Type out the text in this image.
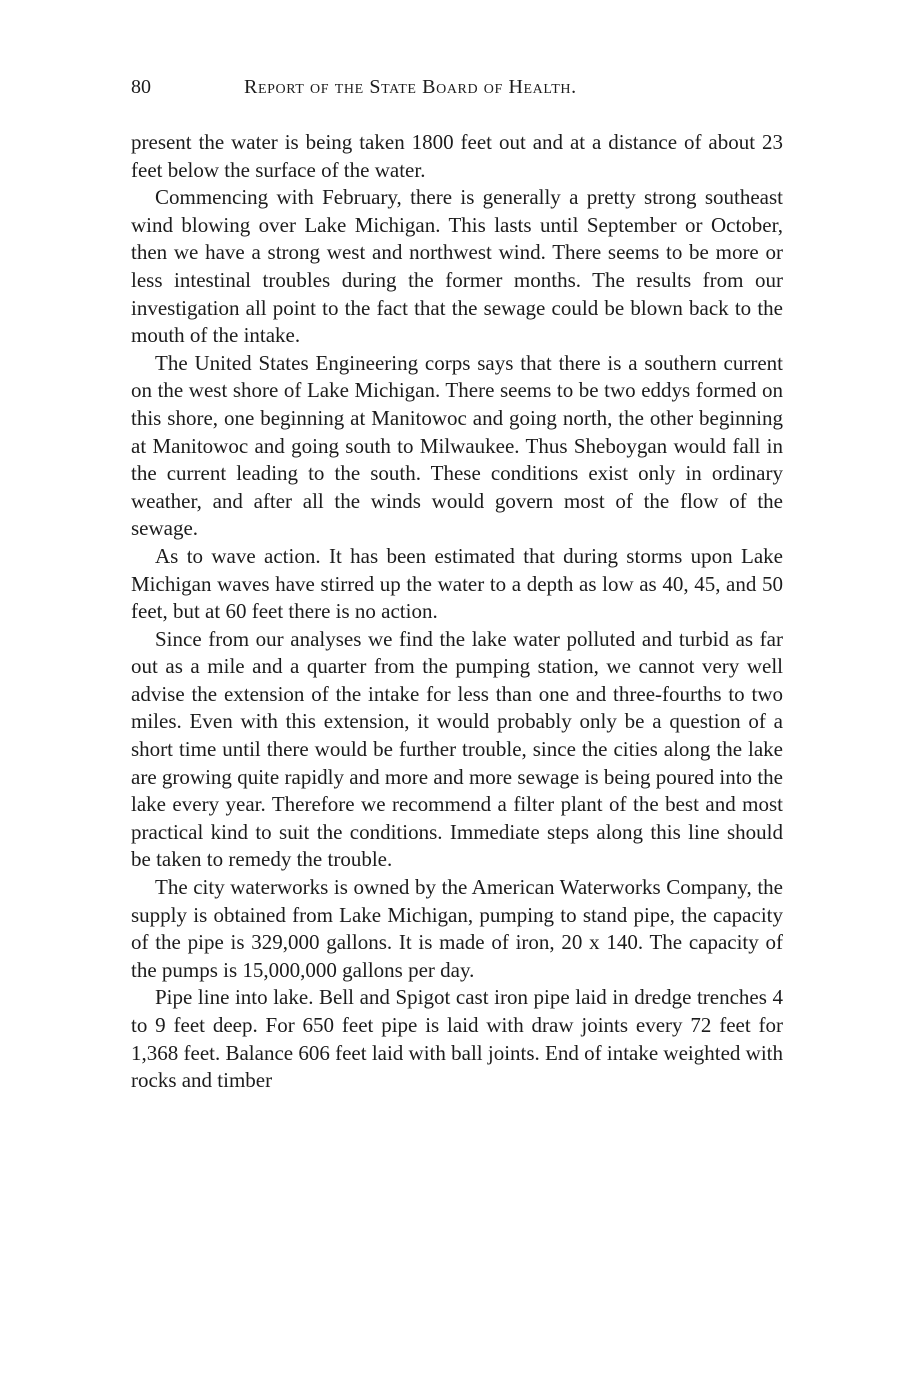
80	Report of the State Board of Health.

present the water is being taken 1800 feet out and at a distance of about 23 feet below the surface of the water.

Commencing with February, there is generally a pretty strong southeast wind blowing over Lake Michigan. This lasts until September or October, then we have a strong west and northwest wind. There seems to be more or less intestinal troubles during the former months. The results from our investigation all point to the fact that the sewage could be blown back to the mouth of the intake.

The United States Engineering corps says that there is a southern current on the west shore of Lake Michigan. There seems to be two eddys formed on this shore, one beginning at Manitowoc and going north, the other beginning at Manitowoc and going south to Milwaukee. Thus Sheboygan would fall in the current leading to the south. These conditions exist only in ordinary weather, and after all the winds would govern most of the flow of the sewage.

As to wave action. It has been estimated that during storms upon Lake Michigan waves have stirred up the water to a depth as low as 40, 45, and 50 feet, but at 60 feet there is no action.

Since from our analyses we find the lake water polluted and turbid as far out as a mile and a quarter from the pumping station, we cannot very well advise the extension of the intake for less than one and three-fourths to two miles. Even with this extension, it would probably only be a question of a short time until there would be further trouble, since the cities along the lake are growing quite rapidly and more and more sewage is being poured into the lake every year. Therefore we recommend a filter plant of the best and most practical kind to suit the conditions. Immediate steps along this line should be taken to remedy the trouble.

The city waterworks is owned by the American Waterworks Company, the supply is obtained from Lake Michigan, pumping to stand pipe, the capacity of the pipe is 329,000 gallons. It is made of iron, 20 x 140. The capacity of the pumps is 15,000,000 gallons per day.

Pipe line into lake. Bell and Spigot cast iron pipe laid in dredge trenches 4 to 9 feet deep. For 650 feet pipe is laid with draw joints every 72 feet for 1,368 feet. Balance 606 feet laid with ball joints. End of intake weighted with rocks and timber
